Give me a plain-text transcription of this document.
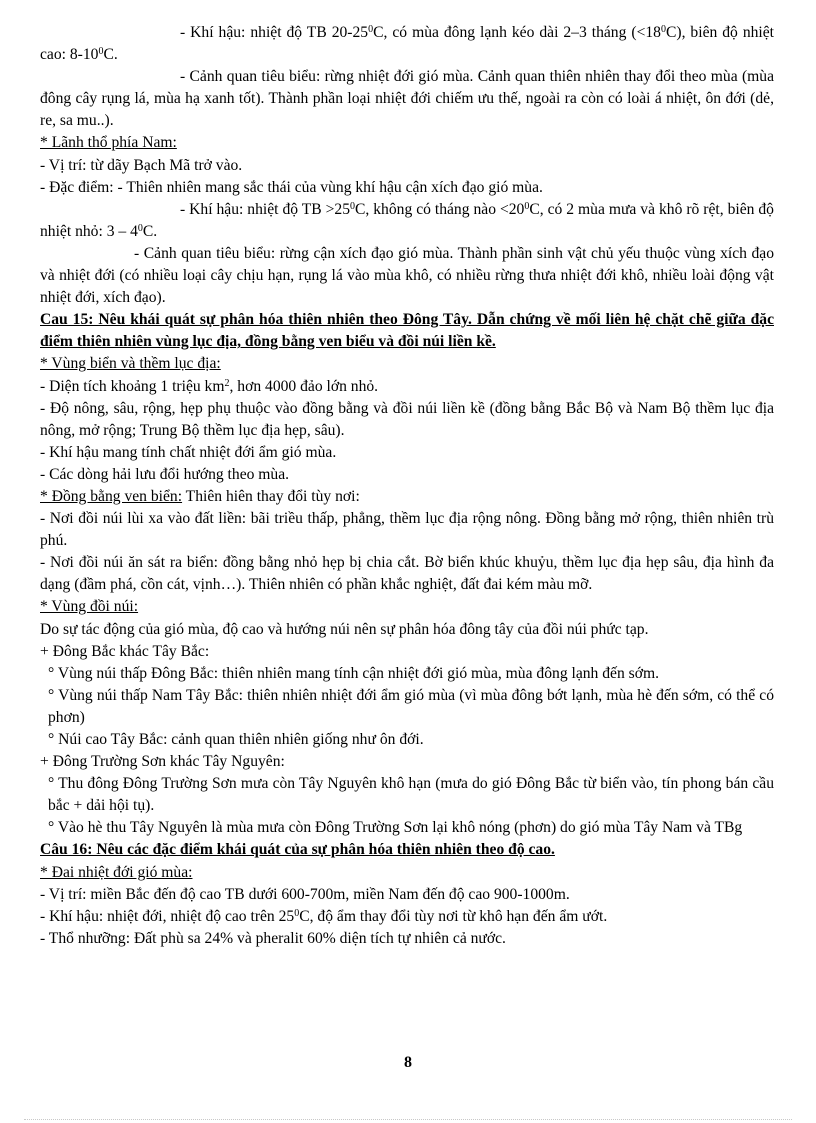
- Khí hậu: nhiệt độ TB $20-25^0C$, có mùa đông lạnh kéo dài 2–3 tháng $(<18^0C)$, biên độ nhiệt cao: $8-10^0C$.

- Cảnh quan tiêu biểu: rừng nhiệt đới gió mùa. Cảnh quan thiên nhiên thay đổi theo mùa (mùa đông cây rụng lá, mùa hạ xanh tốt). Thành phần loại nhiệt đới chiếm ưu thế, ngoài ra còn có loài á nhiệt, ôn đới (dẻ, re, sa mu..).

* Lãnh thổ phía Nam:

- Vị trí: từ dãy Bạch Mã trở vào.

- Đặc điểm: - Thiên nhiên mang sắc thái của vùng khí hậu cận xích đạo gió mùa.

- Khí hậu: nhiệt độ TB $>25^0C$, không có tháng nào $<20^0C$, có 2 mùa mưa và khô rõ rệt, biên độ nhiệt nhỏ: $3 - 4^0C$.

- Cảnh quan tiêu biểu: rừng cận xích đạo gió mùa. Thành phần sinh vật chủ yếu thuộc vùng xích đạo và nhiệt đới (có nhiều loại cây chịu hạn, rụng lá vào mùa khô, có nhiều rừng thưa nhiệt đới khô, nhiều loài động vật nhiệt đới, xích đạo).

Cau 15: Nêu khái quát sự phân hóa thiên nhiên theo Đông Tây. Dẫn chứng về mối liên hệ chặt chẽ giữa đặc điểm thiên nhiên vùng lục địa, đồng bằng ven biểu và đồi núi liền kề.

* Vùng biển và thềm lục địa:

- Diện tích khoảng 1 triệu $km^2$, hơn 4000 đảo lớn nhỏ.

- Độ nông, sâu, rộng, hẹp phụ thuộc vào đồng bằng và đồi núi liền kề (đồng bằng Bắc Bộ và Nam Bộ thềm lục địa nông, mở rộng; Trung Bộ thềm lục địa hẹp, sâu).

- Khí hậu mang tính chất nhiệt đới ẩm gió mùa.

- Các dòng hải lưu đổi hướng theo mùa.

* Đồng bằng ven biển: Thiên hiên thay đổi tùy nơi:

- Nơi đồi núi lùi xa vào đất liền: bãi triều thấp, phẳng, thềm lục địa rộng nông. Đồng bằng mở rộng, thiên nhiên trù phú.

- Nơi đồi núi ăn sát ra biển: đồng bằng nhỏ hẹp bị chia cắt. Bờ biển khúc khuỷu, thềm lục địa hẹp sâu, địa hình đa dạng (đầm phá, cồn cát, vịnh…). Thiên nhiên có phần khắc nghiệt, đất đai kém màu mỡ.

* Vùng đồi núi:

Do sự tác động của gió mùa, độ cao và hướng núi nên sự phân hóa đông tây của đồi núi phức tạp.

+ Đông Bắc khác Tây Bắc:

° Vùng núi thấp Đông Bắc: thiên nhiên mang tính cận nhiệt đới gió mùa, mùa đông lạnh đến sớm.

° Vùng núi thấp Nam Tây Bắc: thiên nhiên nhiệt đới ẩm gió mùa (vì mùa đông bớt lạnh, mùa hè đến sớm, có thể có phơn)

° Núi cao Tây Bắc: cảnh quan thiên nhiên giống như ôn đới.

+ Đông Trường Sơn khác Tây Nguyên:

° Thu đông Đông Trường Sơn mưa còn Tây Nguyên khô hạn (mưa do gió Đông Bắc từ biển vào, tín phong bán cầu bắc + dải hội tụ).

° Vào hè thu Tây Nguyên là mùa mưa còn Đông Trường Sơn lại khô nóng (phơn) do gió mùa Tây Nam và TBg

Câu 16: Nêu các đặc điểm khái quát của sự phân hóa thiên nhiên theo độ cao.

* Đai nhiệt đới gió mùa:

- Vị trí: miền Bắc đến độ cao TB dưới 600-700m, miền Nam đến độ cao 900-1000m.

- Khí hậu: nhiệt đới, nhiệt độ cao trên $25^0C$, độ ẩm thay đổi tùy nơi từ khô hạn đến ẩm ướt.

- Thổ nhưỡng: Đất phù sa 24% và pheralit 60% diện tích tự nhiên cả nước.

8
